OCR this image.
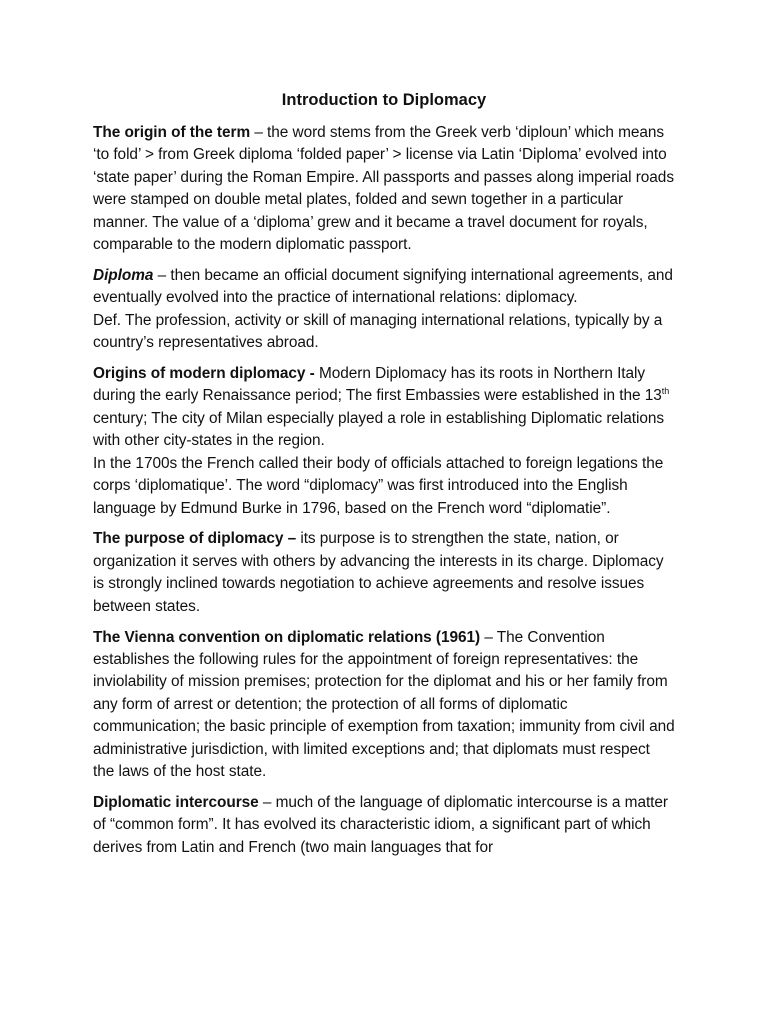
Introduction to Diplomacy

The origin of the term – the word stems from the Greek verb ‘diploun’ which means ‘to fold’ > from Greek diploma ‘folded paper’ > license via Latin ‘Diploma’ evolved into ‘state paper’ during the Roman Empire. All passports and passes along imperial roads were stamped on double metal plates, folded and sewn together in a particular manner. The value of a ‘diploma’ grew and it became a travel document for royals, comparable to the modern diplomatic passport.

Diploma – then became an official document signifying international agreements, and eventually evolved into the practice of international relations: diplomacy.
Def. The profession, activity or skill of managing international relations, typically by a country’s representatives abroad.

Origins of modern diplomacy - Modern Diplomacy has its roots in Northern Italy during the early Renaissance period; The first Embassies were established in the 13th century; The city of Milan especially played a role in establishing Diplomatic relations with other city-states in the region.
In the 1700s the French called their body of officials attached to foreign legations the corps ‘diplomatique’. The word “diplomacy” was first introduced into the English language by Edmund Burke in 1796, based on the French word “diplomatie”.

The purpose of diplomacy – its purpose is to strengthen the state, nation, or organization it serves with others by advancing the interests in its charge. Diplomacy is strongly inclined towards negotiation to achieve agreements and resolve issues between states.

The Vienna convention on diplomatic relations (1961) – The Convention establishes the following rules for the appointment of foreign representatives: the inviolability of mission premises; protection for the diplomat and his or her family from any form of arrest or detention; the protection of all forms of diplomatic communication; the basic principle of exemption from taxation; immunity from civil and administrative jurisdiction, with limited exceptions and; that diplomats must respect the laws of the host state.

Diplomatic intercourse – much of the language of diplomatic intercourse is a matter of “common form”. It has evolved its characteristic idiom, a significant part of which derives from Latin and French (two main languages that for
